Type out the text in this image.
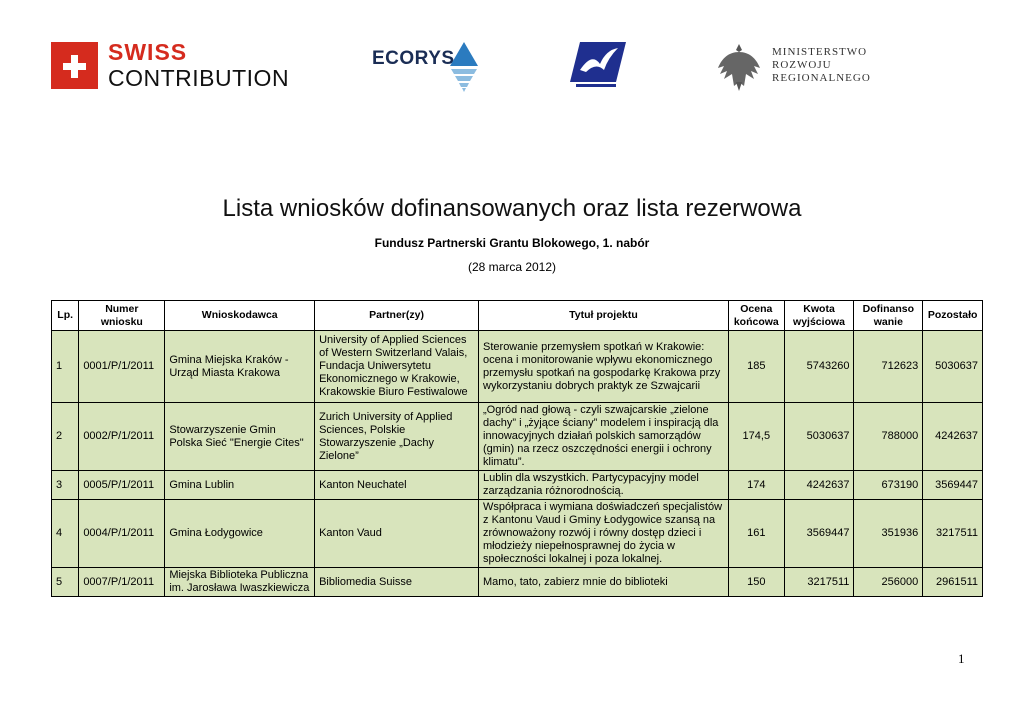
SWISS
CONTRIBUTION
ECORYS	MINISTERSTWO
ROZWOJU
REGIONALNEGO
Lista wniosków dofinansowanych oraz lista rezerwowa
Fundusz Partnerski Grantu Blokowego, 1. nabór
(28 marca 2012)
Lp.	Numer wniosku	Wnioskodawca	Partner(zy)	Tytuł projektu	Ocena końcowa	Kwota wyjściowa	Dofinanso wanie	Pozostało
1	0001/P/1/2011	Gmina Miejska Kraków - Urząd Miasta Krakowa	University of Applied Sciences of Western Switzerland Valais, Fundacja Uniwersytetu Ekonomicznego w Krakowie, Krakowskie Biuro Festiwalowe	Sterowanie przemysłem spotkań w Krakowie: ocena i monitorowanie wpływu ekonomicznego przemysłu spotkań na gospodarkę Krakowa przy wykorzystaniu dobrych praktyk ze Szwajcarii	185	5743260	712623	5030637
2	0002/P/1/2011	Stowarzyszenie Gmin Polska Sieć "Energie Cites"	Zurich University of Applied Sciences, Polskie Stowarzyszenie „Dachy Zielone”	„Ogród nad głową - czyli szwajcarskie „zielone dachy” i „żyjące ściany” modelem i inspiracją dla innowacyjnych działań polskich samorządów (gmin) na rzecz oszczędności energii i ochrony klimatu”.	174,5	5030637	788000	4242637
3	0005/P/1/2011	Gmina Lublin	Kanton Neuchatel	Lublin dla wszystkich. Partycypacyjny model zarządzania różnorodnością.	174	4242637	673190	3569447
4	0004/P/1/2011	Gmina Łodygowice	Kanton Vaud	Współpraca i wymiana doświadczeń specjalistów z Kantonu Vaud i Gminy Łodygowice szansą na zrównoważony rozwój i równy dostęp dzieci i młodzieży niepełnosprawnej do życia w społeczności lokalnej i poza lokalnej.	161	3569447	351936	3217511
5	0007/P/1/2011	Miejska Biblioteka Publiczna im. Jarosława Iwaszkiewicza	Bibliomedia Suisse	Mamo, tato, zabierz mnie do biblioteki	150	3217511	256000	2961511
1
